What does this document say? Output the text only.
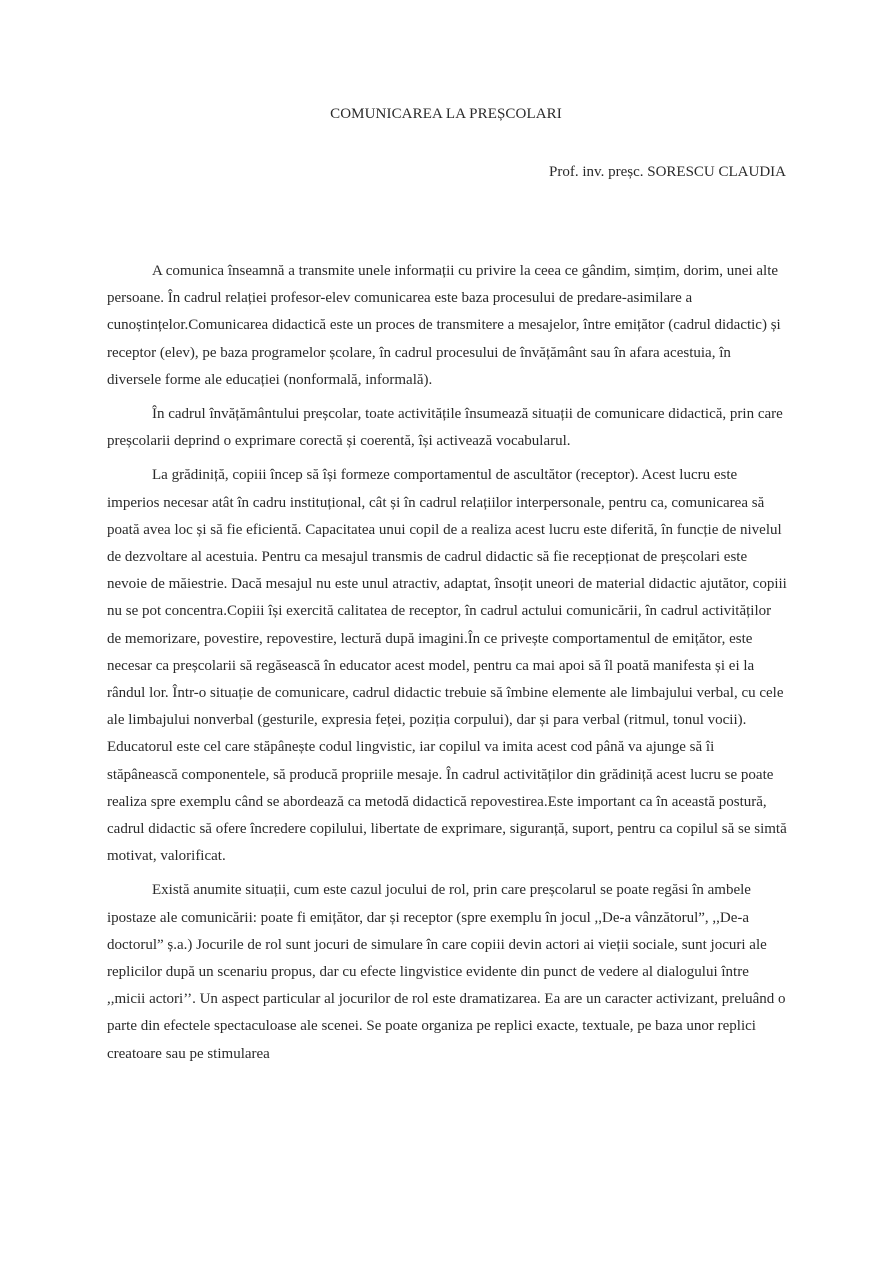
COMUNICAREA LA PREȘCOLARI
Prof. inv. preșc. SORESCU CLAUDIA

A comunica înseamnă a transmite unele informații cu privire la ceea ce gândim, simțim, dorim, unei alte persoane. În cadrul relației profesor-elev comunicarea este baza procesului de predare-asimilare a cunoștințelor.Comunicarea didactică este un proces de transmitere a mesajelor, între emițător (cadrul didactic) și receptor (elev), pe baza programelor școlare, în cadrul procesului de învățământ sau în afara acestuia, în diversele forme ale educației (nonformală, informală).

În cadrul învățământului preșcolar, toate activitățile însumează situații de comunicare didactică, prin care preșcolarii deprind o exprimare corectă și coerentă, își activează vocabularul.

La grădiniță, copiii încep să își formeze comportamentul de ascultător (receptor). Acest lucru este imperios necesar atât în cadru instituțional, cât și în cadrul relațiilor interpersonale, pentru ca, comunicarea să poată avea loc și să fie eficientă. Capacitatea unui copil de a realiza acest lucru este diferită, în funcție de nivelul de dezvoltare al acestuia. Pentru ca mesajul transmis de cadrul didactic să fie recepționat de preșcolari este nevoie de măiestrie. Dacă mesajul nu este unul atractiv, adaptat, însoțit uneori de material didactic ajutător, copiii nu se pot concentra.Copiii își exercită calitatea de receptor, în cadrul actului comunicării, în cadrul activităților de memorizare, povestire, repovestire, lectură după imagini.În ce privește comportamentul de emițător, este necesar ca preșcolarii să regăsească în educator acest model, pentru ca mai apoi să îl poată manifesta și ei la rândul lor. Într-o situație de comunicare, cadrul didactic trebuie să îmbine elemente ale limbajului verbal, cu cele ale limbajului nonverbal (gesturile, expresia feței, poziția corpului), dar și para verbal (ritmul, tonul vocii). Educatorul este cel care stăpânește codul lingvistic, iar copilul va imita acest cod până va ajunge să îi stăpânească componentele, să producă propriile mesaje. În cadrul activităților din grădiniță acest lucru se poate realiza spre exemplu când se abordează ca metodă didactică repovestirea.Este important ca în această postură, cadrul didactic să ofere încredere copilului, libertate de exprimare, siguranță, suport, pentru ca copilul să se simtă motivat, valorificat.

Există anumite situații, cum este cazul jocului de rol, prin care preșcolarul se poate regăsi în ambele ipostaze ale comunicării: poate fi emițător, dar și receptor (spre exemplu în jocul ,,De-a vânzătorul”, ,,De-a doctorul” ș.a.) Jocurile de rol sunt jocuri de simulare în care copiii devin actori ai vieții sociale, sunt jocuri ale replicilor după un scenariu propus, dar cu efecte lingvistice evidente din punct de vedere al dialogului între ,,micii actori’’. Un aspect particular al jocurilor de rol este dramatizarea. Ea are un caracter activizant, preluând o parte din efectele spectaculoase ale scenei. Se poate organiza pe replici exacte, textuale, pe baza unor replici creatoare sau pe stimularea
